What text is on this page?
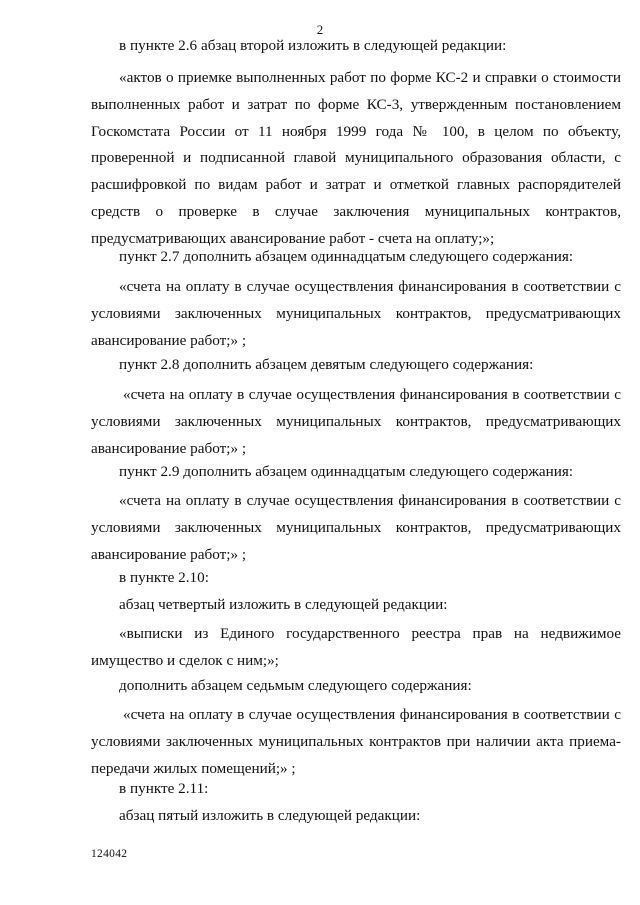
2

в пункте 2.6 абзац второй изложить в следующей редакции:

«актов о приемке выполненных работ по форме КС-2 и справки о стоимости выполненных работ и затрат по форме КС-3, утвержденным постановлением Госкомстата России от 11 ноября 1999 года № 100, в целом по объекту, проверенной и подписанной главой муниципального образования области, с расшифровкой по видам работ и затрат и отметкой главных распорядителей средств о проверке в случае заключения муниципальных контрактов, предусматривающих авансирование работ - счета на оплату;»;

пункт 2.7 дополнить абзацем одиннадцатым следующего содержания:

«счета на оплату в случае осуществления финансирования в соответствии с условиями заключенных муниципальных контрактов, предусматривающих авансирование работ;» ;

пункт 2.8 дополнить абзацем девятым следующего содержания:

«счета на оплату в случае осуществления финансирования в соответствии с условиями заключенных муниципальных контрактов, предусматривающих авансирование работ;» ;

пункт 2.9 дополнить абзацем одиннадцатым следующего содержания:

«счета на оплату в случае осуществления финансирования в соответствии с условиями заключенных муниципальных контрактов, предусматривающих авансирование работ;» ;

в пункте 2.10:

абзац четвертый изложить в следующей редакции:

«выписки из Единого государственного реестра прав на недвижимое имущество и сделок с ним;»;

дополнить абзацем седьмым следующего содержания:

«счета на оплату в случае осуществления финансирования в соответствии с условиями заключенных муниципальных контрактов при наличии акта приема-передачи жилых помещений;» ;

в пункте 2.11:

абзац пятый изложить в следующей редакции:

124042
